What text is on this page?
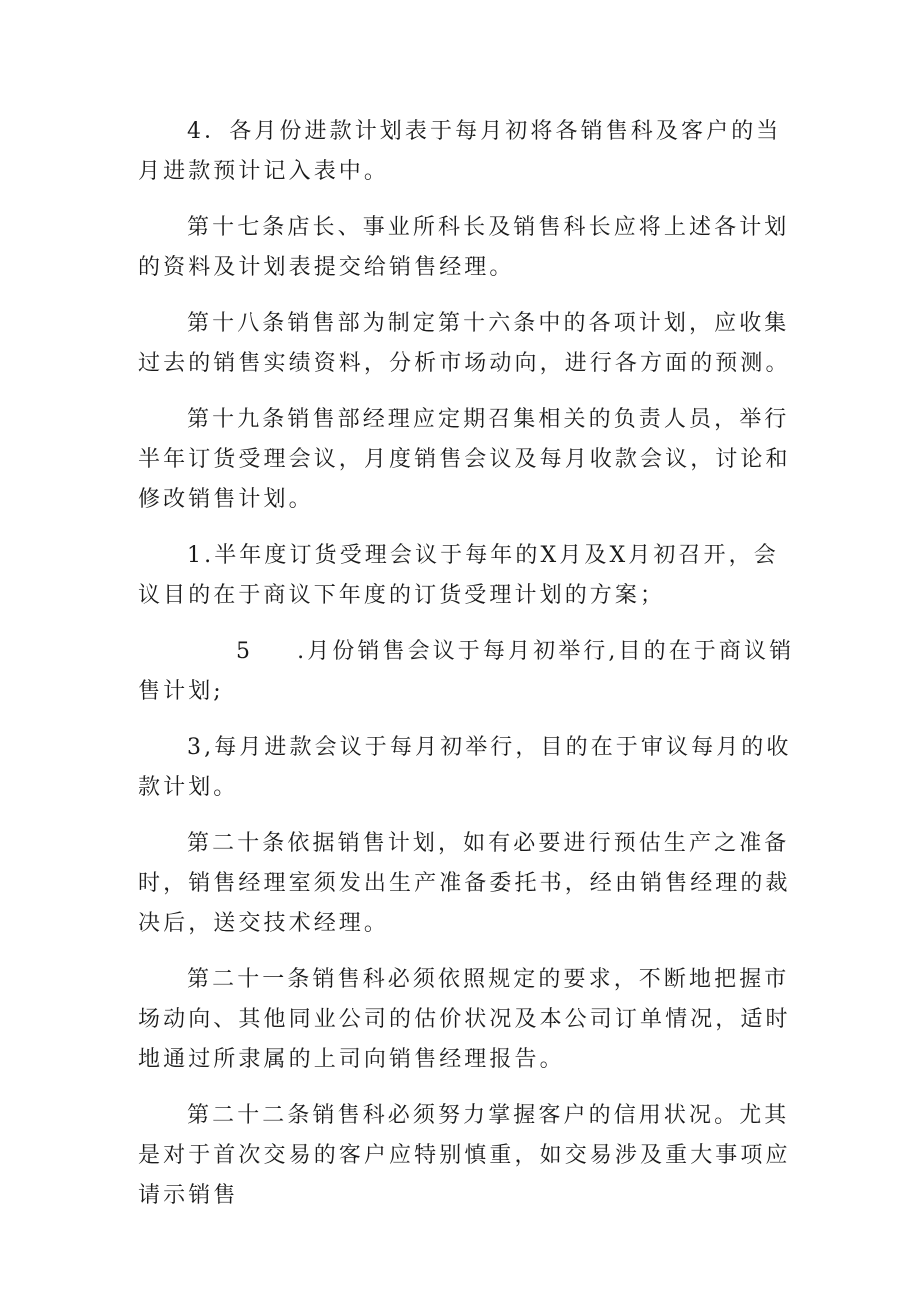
4．各月份进款计划表于每月初将各销售科及客户的当月进款预计记入表中。

第十七条店长、事业所科长及销售科长应将上述各计划的资料及计划表提交给销售经理。

第十八条销售部为制定第十六条中的各项计划，应收集过去的销售实绩资料，分析市场动向，进行各方面的预测。

第十九条销售部经理应定期召集相关的负责人员，举行半年订货受理会议，月度销售会议及每月收款会议，讨论和修改销售计划。

1.半年度订货受理会议于每年的X月及X月初召开，会议目的在于商议下年度的订货受理计划的方案；

5 .月份销售会议于每月初举行,目的在于商议销售计划;

3,每月进款会议于每月初举行，目的在于审议每月的收款计划。

第二十条依据销售计划，如有必要进行预估生产之准备时，销售经理室须发出生产准备委托书，经由销售经理的裁决后，送交技术经理。

第二十一条销售科必须依照规定的要求，不断地把握市场动向、其他同业公司的估价状况及本公司订单情况，适时地通过所隶属的上司向销售经理报告。

第二十二条销售科必须努力掌握客户的信用状况。尤其是对于首次交易的客户应特别慎重，如交易涉及重大事项应请示销售
